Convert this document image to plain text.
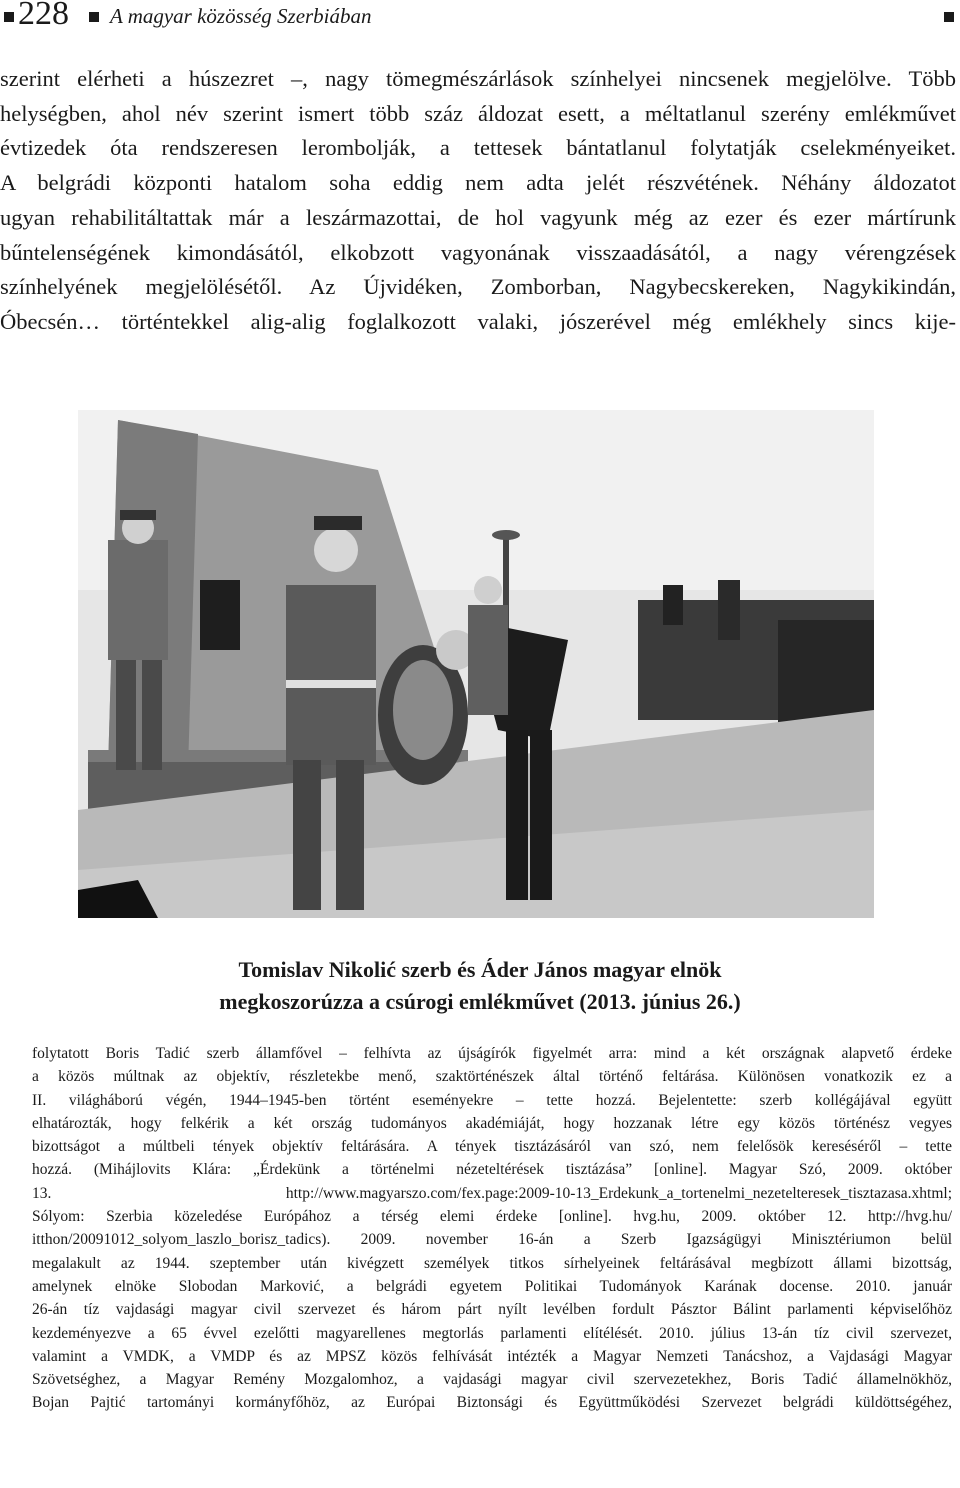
228 A magyar közösség Szerbiában
szerint elérheti a húszezret –, nagy tömegmészárlások színhelyei nincsenek megjelölve. Több
helységben, ahol név szerint ismert több száz áldozat esett, a méltatlanul szerény emlékművet
évtizedek óta rendszeresen lerombolják, a tettesek bántatlanul folytatják cselekményeiket.
A belgrádi központi hatalom soha eddig nem adta jelét részvétének. Néhány áldozatot
ugyan rehabilitáltattak már a leszármazottai, de hol vagyunk még az ezer és ezer mártírunk
bűntelenségének kimondásától, elkobzott vagyonának visszaadásától, a nagy vérengzések
színhelyének megjelölésétől. Az Újvidéken, Zomborban, Nagybecskereken, Nagykikindán,
Óbecsén… történtekkel alig-alig foglalkozott valaki, jószerével még emlékhely sincs kije-
Tomislav Nikolić szerb és Áder János magyar elnök
megkoszorúzza a csúrogi emlékművet (2013. június 26.)
folytatott Boris Tadić szerb államfővel – felhívta az újságírók figyelmét arra: mind a két országnak alapvető érdeke
a közös múltnak az objektív, részletekbe menő, szaktörténészek által történő feltárása. Különösen vonatkozik ez a
II. világháború végén, 1944–1945-ben történt eseményekre – tette hozzá. Bejelentette: szerb kollégájával együtt
elhatározták, hogy felkérik a két ország tudományos akadémiáját, hogy hozzanak létre egy közös történész vegyes
bizottságot a múltbeli tények objektív feltárására. A tények tisztázásáról van szó, nem felelősök kereséséről – tette
hozzá. (Mihájlovits Klára: „Érdekünk a történelmi nézeteltérések tisztázása” [online]. Magyar Szó, 2009. október
13. http://www.magyarszo.com/fex.page:2009-10-13_Erdekunk_a_tortenelmi_nezetelteresek_tisztazasa.xhtml;
Sólyom: Szerbia közeledése Európához a térség elemi érdeke [online]. hvg.hu, 2009. október 12. http://hvg.hu/
itthon/20091012_solyom_laszlo_borisz_tadics). 2009. november 16-án a Szerb Igazságügyi Minisztériumon belül
megalakult az 1944. szeptember után kivégzett személyek titkos sírhelyeinek feltárásával megbízott állami bizottság,
amelynek elnöke Slobodan Marković, a belgrádi egyetem Politikai Tudományok Karának docense. 2010. január
26-án tíz vajdasági magyar civil szervezet és három párt nyílt levélben fordult Pásztor Bálint parlamenti képviselőhöz
kezdeményezve a 65 évvel ezelőtti magyarellenes megtorlás parlamenti elítélését. 2010. július 13-án tíz civil szervezet,
valamint a VMDK, a VMDP és az MPSZ közös felhívását intézték a Magyar Nemzeti Tanácshoz, a Vajdasági Magyar
Szövetséghez, a Magyar Remény Mozgalomhoz, a vajdasági magyar civil szervezetekhez, Boris Tadić államelnökhöz,
Bojan Pajtić tartományi kormányfőhöz, az Európai Biztonsági és Együttműködési Szervezet belgrádi küldöttségéhez,
